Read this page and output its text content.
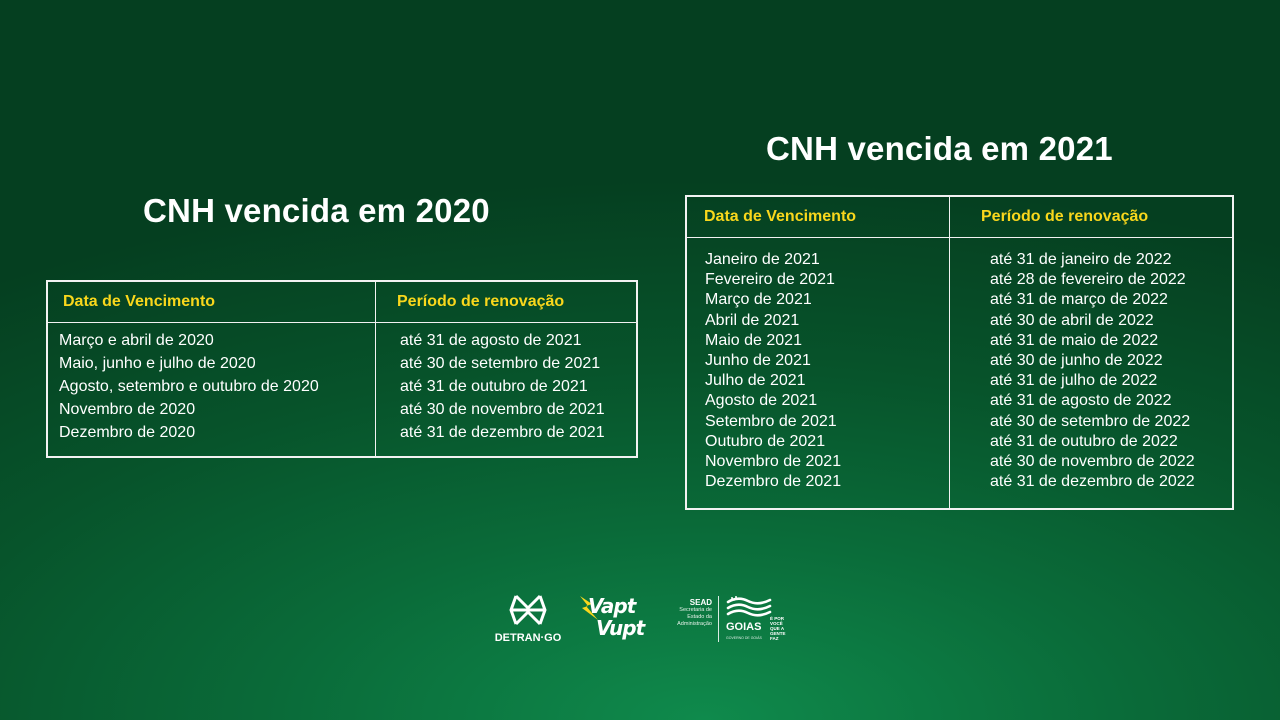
CNH vencida em 2020
Data de Vencimento	Período de renovação
Março e abril de 2020
Maio, junho e julho de 2020
Agosto, setembro e outubro de 2020
Novembro de 2020
Dezembro de 2020
até 31 de agosto de 2021
até 30 de setembro de 2021
até 31 de outubro de 2021
até 30 de novembro de 2021
até 31 de dezembro de 2021
CNH vencida em 2021
Data de Vencimento	Período de renovação
Janeiro de 2021
Fevereiro de 2021
Março de 2021
Abril de 2021
Maio de 2021
Junho de 2021
Julho de 2021
Agosto de 2021
Setembro de 2021
Outubro de 2021
Novembro de 2021
Dezembro de 2021
até 31 de janeiro de 2022
até 28 de fevereiro de 2022
até 31 de março de 2022
até 30 de abril de 2022
até 31 de maio de 2022
até 30 de junho de 2022
até 31 de julho de 2022
até 31 de agosto de 2022
até 30 de setembro de 2022
até 31 de outubro de 2022
até 30 de novembro de 2022
até 31 de dezembro de 2022
DETRAN·GO
Vapt
Vupt
SEAD
Secretaria de
Estado da
Administração GOIAS
É POR
VOCÊ
QUE A
GENTE
FAZ
GOVERNO DE GOIÁS
